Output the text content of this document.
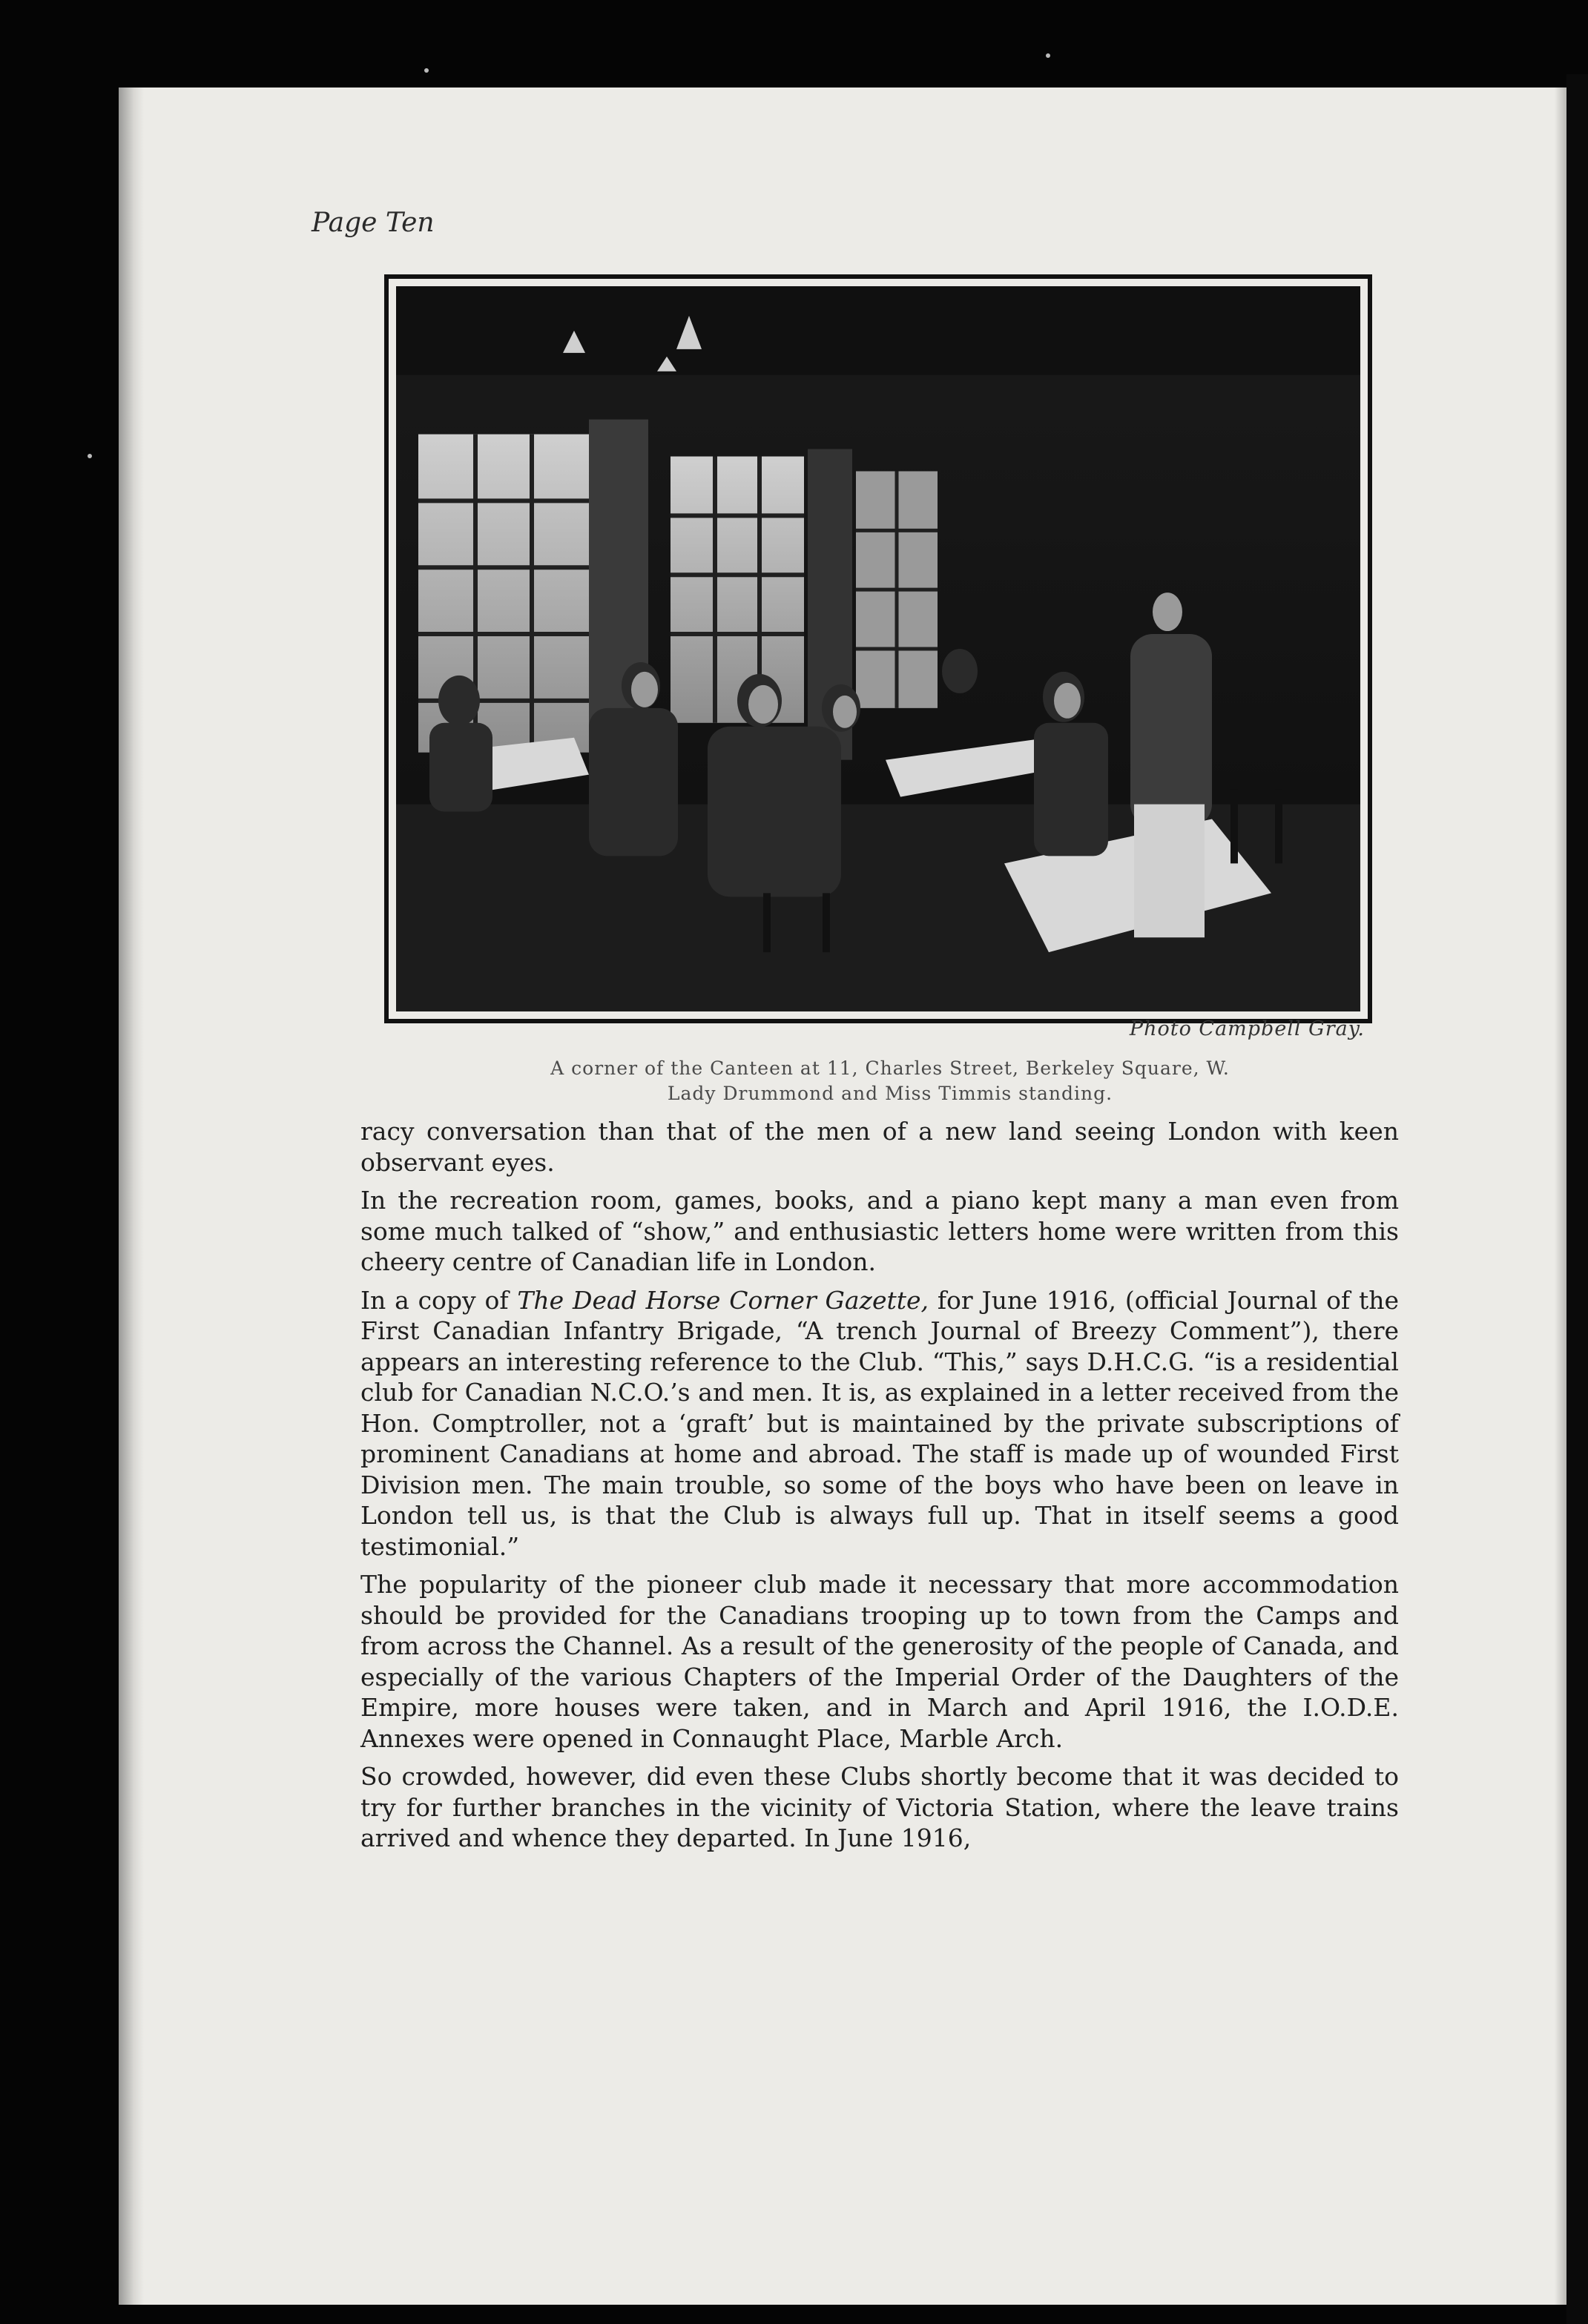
Page Ten
Photo Campbell Gray.
A corner of the Canteen at 11, Charles Street, Berkeley Square, W.
Lady Drummond and Miss Timmis standing.

racy conversation than that of the men of a new land seeing London with keen observant eyes.

In the recreation room, games, books, and a piano kept many a man even from some much talked of “show,” and enthusiastic letters home were written from this cheery centre of Canadian life in London.

In a copy of The Dead Horse Corner Gazette, for June 1916, (official Journal of the First Canadian Infantry Brigade, “A trench Journal of Breezy Comment”), there appears an interesting reference to the Club. “This,” says D.H.C.G. “is a residential club for Canadian N.C.O.’s and men. It is, as explained in a letter received from the Hon. Comptroller, not a ‘graft’ but is maintained by the private subscriptions of prominent Canadians at home and abroad. The staff is made up of wounded First Division men. The main trouble, so some of the boys who have been on leave in London tell us, is that the Club is always full up. That in itself seems a good testimonial.”

The popularity of the pioneer club made it necessary that more accommodation should be provided for the Canadians trooping up to town from the Camps and from across the Channel. As a result of the generosity of the people of Canada, and especially of the various Chapters of the Imperial Order of the Daughters of the Empire, more houses were taken, and in March and April 1916, the I.O.D.E. Annexes were opened in Connaught Place, Marble Arch.

So crowded, however, did even these Clubs shortly become that it was decided to try for further branches in the vicinity of Victoria Station, where the leave trains arrived and whence they departed. In June 1916,
